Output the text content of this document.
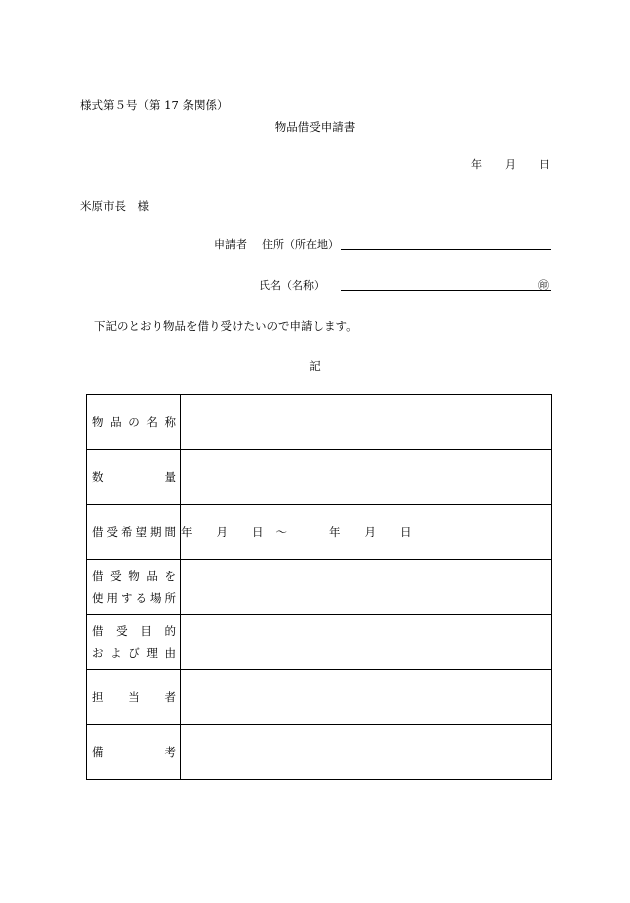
様式第５号（第 17 条関係）
物品借受申請書
年 月 日
米原市長　様
申請者 住所（所在地）
氏名（名称）	㊞
下記のとおり物品を借り受けたいので申請します。
記
物品の名称	

数量	

借受希望期間	年 月 日 ～ 年 月 日

借受物品を
使用する場所	

借受目的
および理由	

担当者	

備考	
